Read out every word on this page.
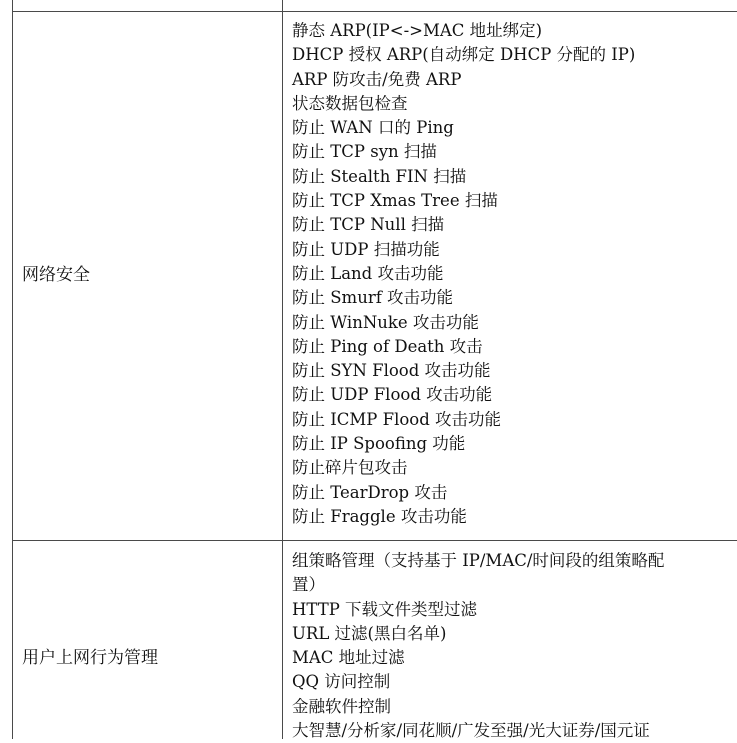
网络安全
静态 ARP(IP<->MAC 地址绑定)
DHCP 授权 ARP(自动绑定 DHCP 分配的 IP)
ARP 防攻击/免费 ARP
状态数据包检查
防止 WAN 口的 Ping
防止 TCP syn 扫描
防止 Stealth FIN 扫描
防止 TCP Xmas Tree 扫描
防止 TCP Null 扫描
防止 UDP 扫描功能
防止 Land 攻击功能
防止 Smurf 攻击功能
防止 WinNuke 攻击功能
防止 Ping of Death 攻击
防止 SYN Flood 攻击功能
防止 UDP Flood 攻击功能
防止 ICMP Flood 攻击功能
防止 IP Spoofing 功能
防止碎片包攻击
防止 TearDrop 攻击
防止 Fraggle 攻击功能
用户上网行为管理
组策略管理（支持基于 IP/MAC/时间段的组策略配
置）
HTTP 下载文件类型过滤
URL 过滤(黑白名单)
MAC 地址过滤
QQ 访问控制
金融软件控制
大智慧/分析家/同花顺/广发至强/光大证券/国元证
